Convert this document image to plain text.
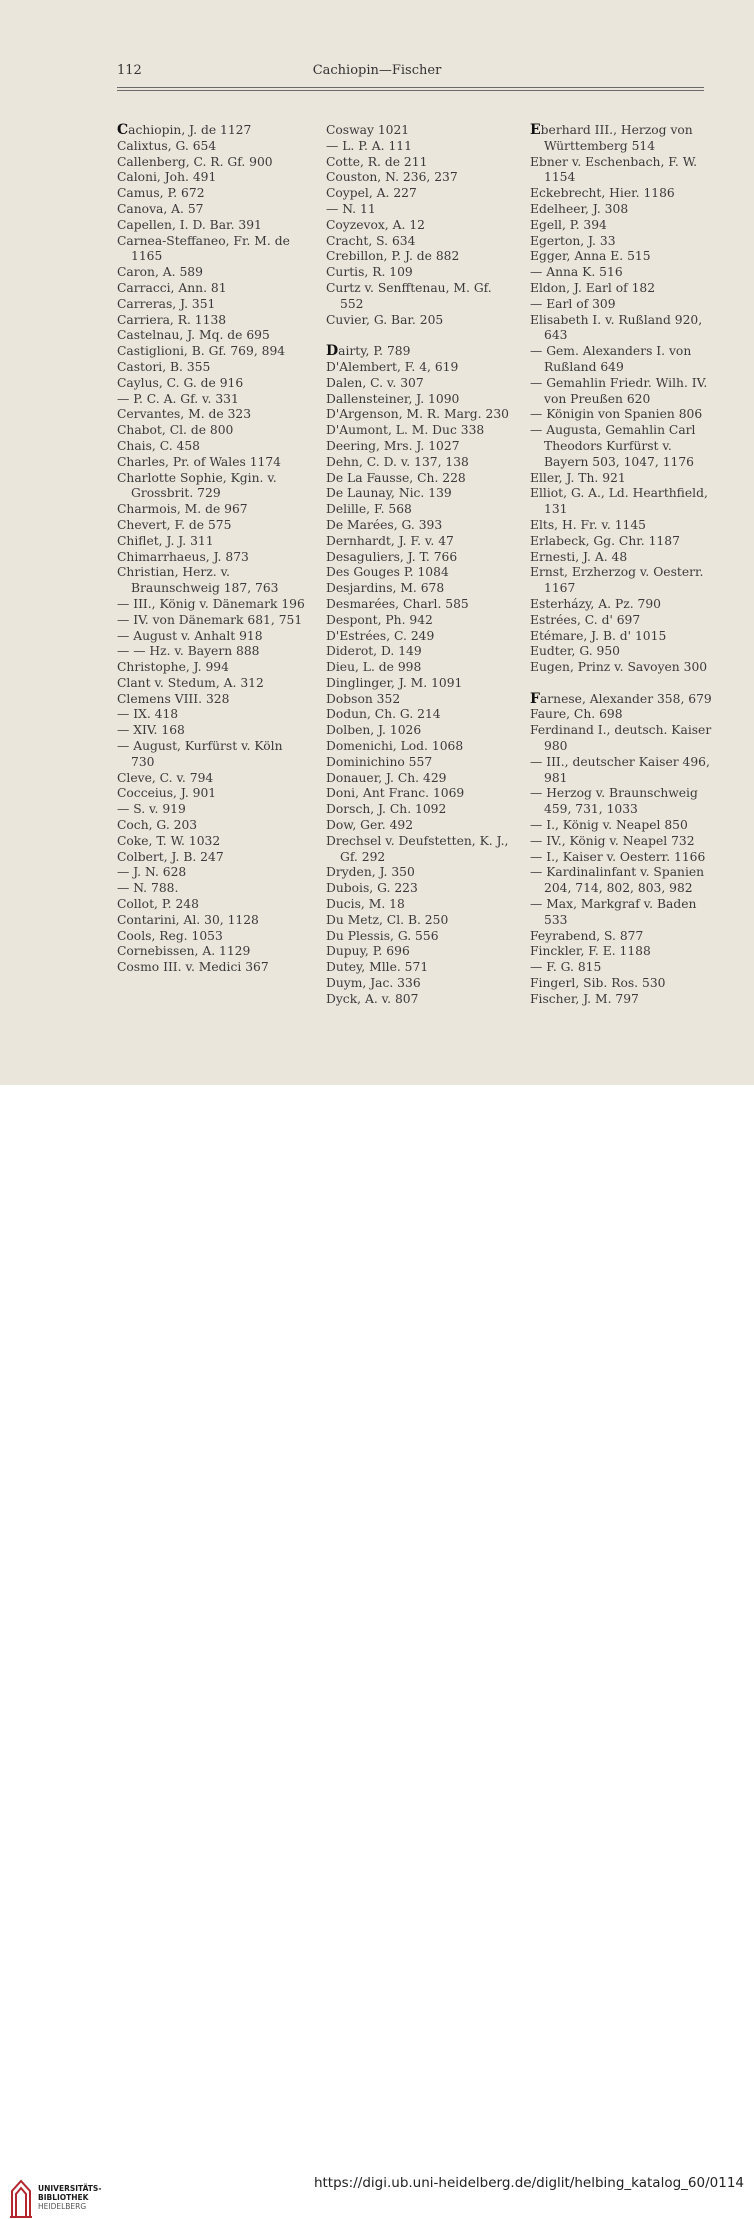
112	Cachiopin—Fischer

Cachiopin, J. de 1127

Calixtus, G. 654

Callenberg, C. R. Gf. 900

Caloni, Joh. 491

Camus, P. 672

Canova, A. 57

Capellen, I. D. Bar. 391

Carnea-Steffaneo, Fr. M. de 1165

Caron, A. 589

Carracci, Ann. 81

Carreras, J. 351

Carriera, R. 1138

Castelnau, J. Mq. de 695

Castiglioni, B. Gf. 769, 894

Castori, B. 355

Caylus, C. G. de 916

— P. C. A. Gf. v. 331

Cervantes, M. de 323

Chabot, Cl. de 800

Chais, C. 458

Charles, Pr. of Wales 1174

Charlotte Sophie, Kgin. v. Grossbrit. 729

Charmois, M. de 967

Chevert, F. de 575

Chiflet, J. J. 311

Chimarrhaeus, J. 873

Christian, Herz. v. Braunschweig 187, 763

— III., König v. Dänemark 196

— IV. von Dänemark 681, 751

— August v. Anhalt 918

— — Hz. v. Bayern 888

Christophe, J. 994

Clant v. Stedum, A. 312

Clemens VIII. 328

— IX. 418

— XIV. 168

— August, Kurfürst v. Köln 730

Cleve, C. v. 794

Cocceius, J. 901

— S. v. 919

Coch, G. 203

Coke, T. W. 1032

Colbert, J. B. 247

— J. N. 628

— N. 788.

Collot, P. 248

Contarini, Al. 30, 1128

Cools, Reg. 1053

Cornebissen, A. 1129

Cosmo III. v. Medici 367

Cosway 1021

— L. P. A. 111

Cotte, R. de 211

Couston, N. 236, 237

Coypel, A. 227

— N. 11

Coyzevox, A. 12

Cracht, S. 634

Crebillon, P. J. de 882

Curtis, R. 109

Curtz v. Senfftenau, M. Gf. 552

Cuvier, G. Bar. 205

Dairty, P. 789

D'Alembert, F. 4, 619

Dalen, C. v. 307

Dallensteiner, J. 1090

D'Argenson, M. R. Marg. 230

D'Aumont, L. M. Duc 338

Deering, Mrs. J. 1027

Dehn, C. D. v. 137, 138

De La Fausse, Ch. 228

De Launay, Nic. 139

Delille, F. 568

De Marées, G. 393

Dernhardt, J. F. v. 47

Desaguliers, J. T. 766

Des Gouges P. 1084

Desjardins, M. 678

Desmarées, Charl. 585

Despont, Ph. 942

D'Estrées, C. 249

Diderot, D. 149

Dieu, L. de 998

Dinglinger, J. M. 1091

Dobson 352

Dodun, Ch. G. 214

Dolben, J. 1026

Domenichi, Lod. 1068

Dominichino 557

Donauer, J. Ch. 429

Doni, Ant Franc. 1069

Dorsch, J. Ch. 1092

Dow, Ger. 492

Drechsel v. Deufstetten, K. J., Gf. 292

Dryden, J. 350

Dubois, G. 223

Ducis, M. 18

Du Metz, Cl. B. 250

Du Plessis, G. 556

Dupuy, P. 696

Dutey, Mlle. 571

Duym, Jac. 336

Dyck, A. v. 807

Eberhard III., Herzog von Württemberg 514

Ebner v. Eschenbach, F. W. 1154

Eckebrecht, Hier. 1186

Edelheer, J. 308

Egell, P. 394

Egerton, J. 33

Egger, Anna E. 515

— Anna K. 516

Eldon, J. Earl of 182

— Earl of 309

Elisabeth I. v. Rußland 920, 643

— Gem. Alexanders I. von Rußland 649

— Gemahlin Friedr. Wilh. IV. von Preußen 620

— Königin von Spanien 806

— Augusta, Gemahlin Carl Theodors Kurfürst v. Bayern 503, 1047, 1176

Eller, J. Th. 921

Elliot, G. A., Ld. Hearthfield, 131

Elts, H. Fr. v. 1145

Erlabeck, Gg. Chr. 1187

Ernesti, J. A. 48

Ernst, Erzherzog v. Oesterr. 1167

Esterházy, A. Pz. 790

Estrées, C. d' 697

Etémare, J. B. d' 1015

Eudter, G. 950

Eugen, Prinz v. Savoyen 300

Farnese, Alexander 358, 679

Faure, Ch. 698

Ferdinand I., deutsch. Kaiser 980

— III., deutscher Kaiser 496, 981

— Herzog v. Braunschweig 459, 731, 1033

— I., König v. Neapel 850

— IV., König v. Neapel 732

— I., Kaiser v. Oesterr. 1166

— Kardinalinfant v. Spanien 204, 714, 802, 803, 982

— Max, Markgraf v. Baden 533

Feyrabend, S. 877

Finckler, F. E. 1188

— F. G. 815

Fingerl, Sib. Ros. 530

Fischer, J. M. 797

UNIVERSITÄTS-
BIBLIOTHEK
HEIDELBERG
https://digi.ub.uni-heidelberg.de/diglit/helbing_katalog_60/0114
